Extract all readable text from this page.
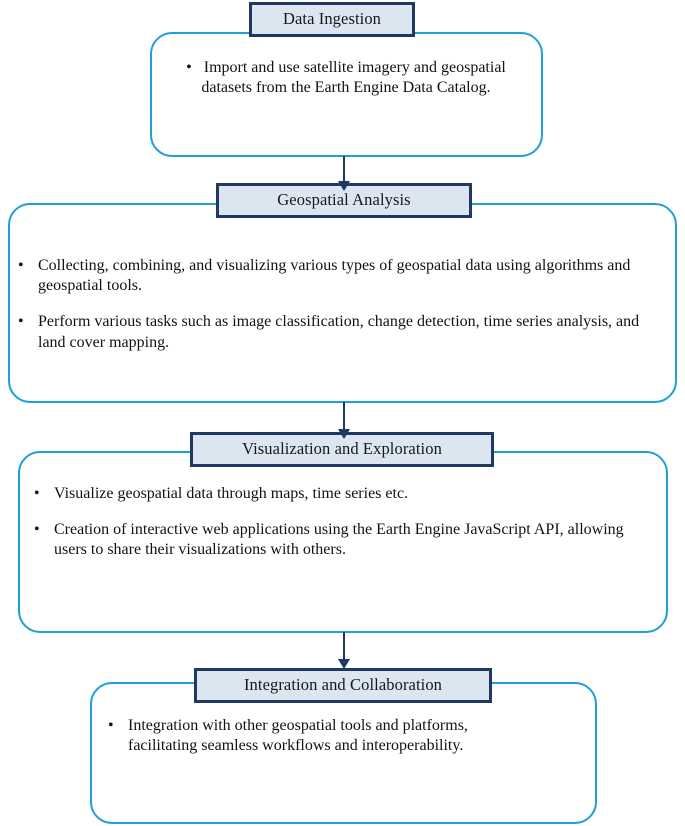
•   Import and use satellite imagery and geospatial datasets from the Earth Engine Data Catalog.
Data Ingestion
• Collecting, combining, and visualizing various types of geospatial data using algorithms and geospatial tools.
• Perform various tasks such as image classification, change detection, time series analysis, and land cover mapping.
Geospatial Analysis
• Visualize geospatial data through maps, time series etc.
• Creation of interactive web applications using the Earth Engine JavaScript API, allowing users to share their visualizations with others.
Visualization and Exploration
• Integration with other geospatial tools and platforms, facilitating seamless workflows and interoperability.
Integration and Collaboration
